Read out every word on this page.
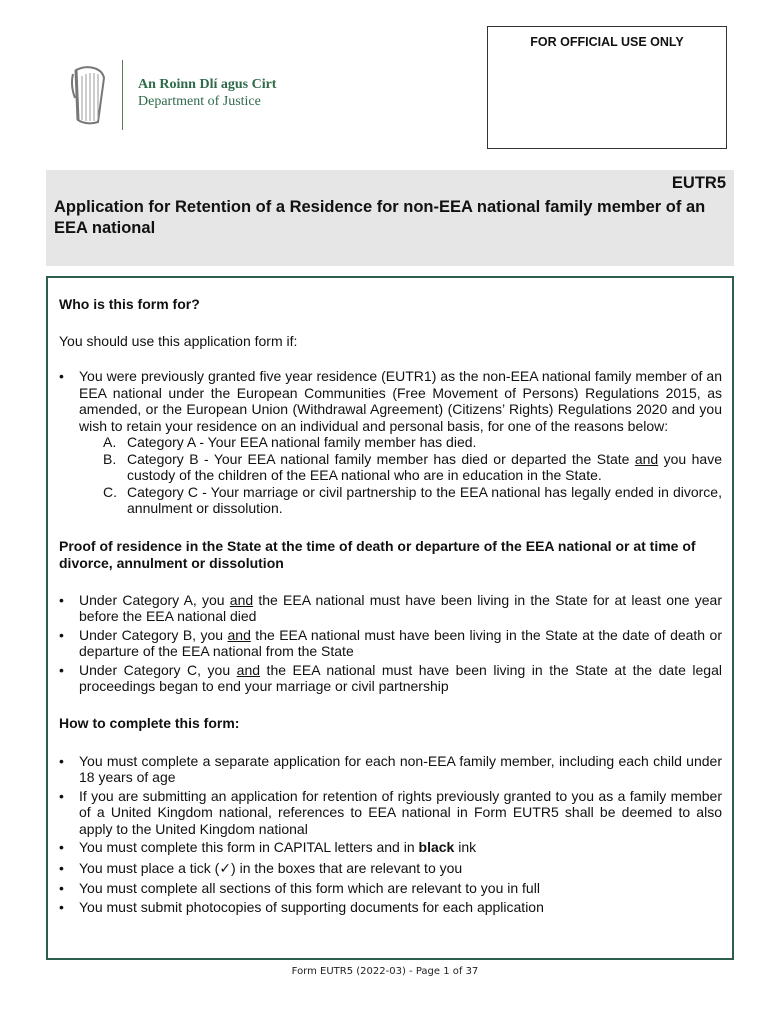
FOR OFFICIAL USE ONLY
An Roinn Dlí agus Cirt
Department of Justice
EUTR5
Application for Retention of a Residence for non-EEA national family member of an EEA national
Who is this form for?
You should use this application form if:
• You were previously granted five year residence (EUTR1) as the non-EEA national family member of an EEA national under the European Communities (Free Movement of Persons) Regulations 2015, as amended, or the European Union (Withdrawal Agreement) (Citizens’ Rights) Regulations 2020 and you wish to retain your residence on an individual and personal basis, for one of the reasons below:
A. Category A - Your EEA national family member has died.
B. Category B - Your EEA national family member has died or departed the State and you have custody of the children of the EEA national who are in education in the State.
C. Category C - Your marriage or civil partnership to the EEA national has legally ended in divorce, annulment or dissolution.
Proof of residence in the State at the time of death or departure of the EEA national or at time of divorce, annulment or dissolution
• Under Category A, you and the EEA national must have been living in the State for at least one year before the EEA national died
• Under Category B, you and the EEA national must have been living in the State at the date of death or departure of the EEA national from the State
• Under Category C, you and the EEA national must have been living in the State at the date legal proceedings began to end your marriage or civil partnership
How to complete this form:
• You must complete a separate application for each non-EEA family member, including each child under 18 years of age
• If you are submitting an application for retention of rights previously granted to you as a family member of a United Kingdom national, references to EEA national in Form EUTR5 shall be deemed to also apply to the United Kingdom national
• You must complete this form in CAPITAL letters and in black ink
• You must place a tick (✓) in the boxes that are relevant to you
• You must complete all sections of this form which are relevant to you in full
• You must submit photocopies of supporting documents for each application
Form EUTR5 (2022-03) - Page 1 of 37
